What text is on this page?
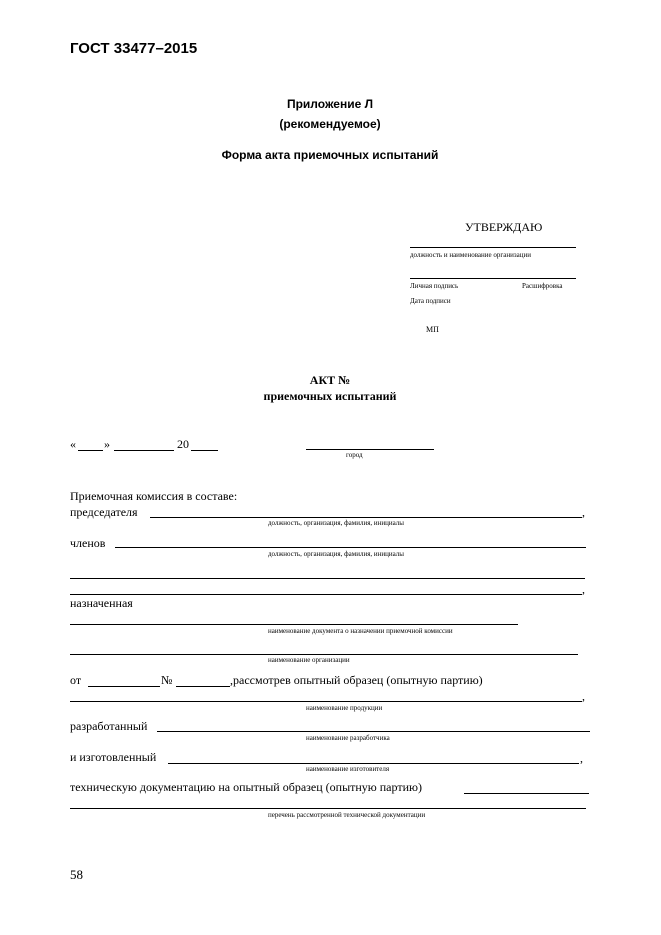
ГОСТ 33477–2015
Приложение Л
(рекомендуемое)
Форма акта приемочных испытаний
УТВЕРЖДАЮ
должность и наименование организации
Личная подпись	Расшифровка
Дата подписи
МП
АКТ №
приемочных испытаний
« »	20
город
Приемочная комиссия в составе:
председателя	,
должность, организация, фамилия, инициалы
членов
должность, организация, фамилия, инициалы
,
назначенная
наименование документа о назначении приемочной комиссии
наименование организации
от	№	,рассмотрев опытный образец (опытную партию)
,
наименование продукции
разработанный
наименование разработчика
и изготовленный	,
наименование изготовителя
техническую документацию на опытный образец (опытную партию)
перечень рассмотренной технической документации
58
